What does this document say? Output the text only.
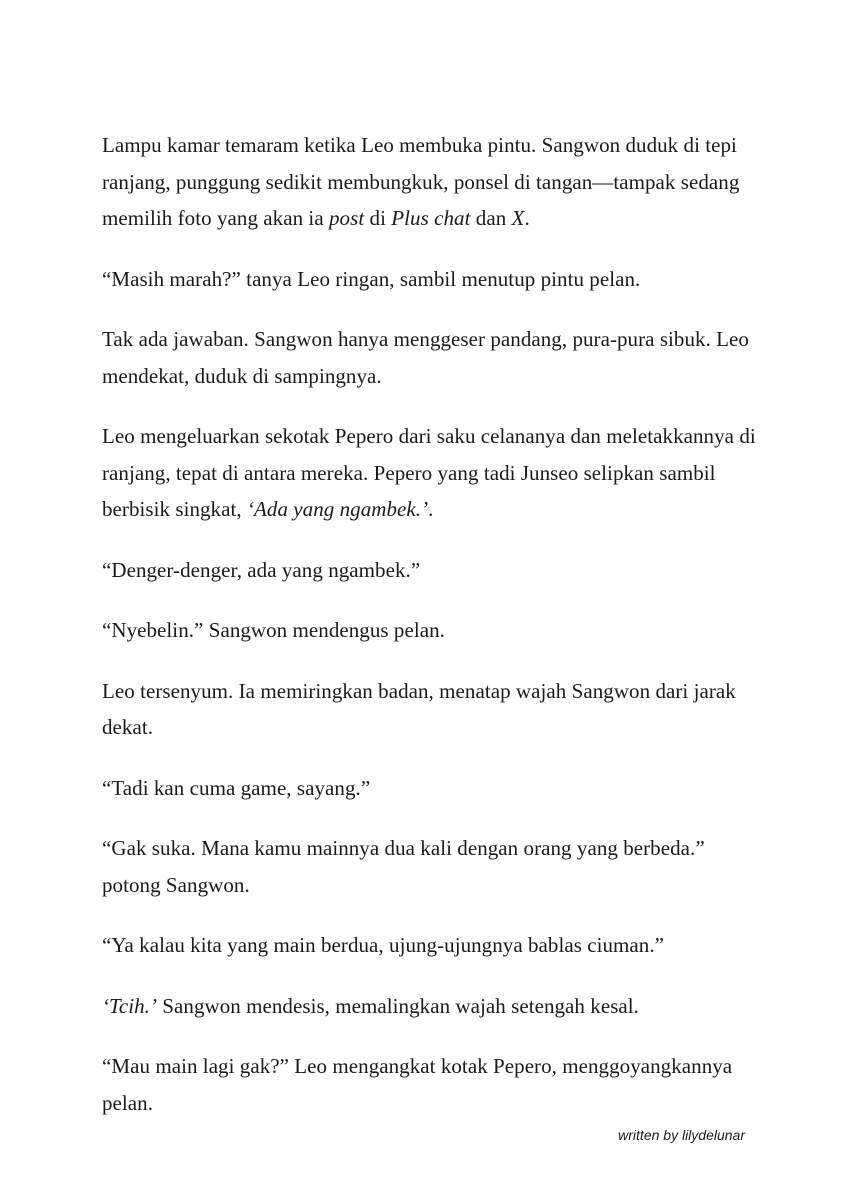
Lampu kamar temaram ketika Leo membuka pintu. Sangwon duduk di tepi ranjang, punggung sedikit membungkuk, ponsel di tangan—tampak sedang memilih foto yang akan ia post di Plus chat dan X.

“Masih marah?” tanya Leo ringan, sambil menutup pintu pelan.

Tak ada jawaban. Sangwon hanya menggeser pandang, pura-pura sibuk. Leo mendekat, duduk di sampingnya.

Leo mengeluarkan sekotak Pepero dari saku celananya dan meletakkannya di ranjang, tepat di antara mereka. Pepero yang tadi Junseo selipkan sambil berbisik singkat, ‘Ada yang ngambek.’.

“Denger-denger, ada yang ngambek.”

“Nyebelin.” Sangwon mendengus pelan.

Leo tersenyum. Ia memiringkan badan, menatap wajah Sangwon dari jarak dekat.

“Tadi kan cuma game, sayang.”

“Gak suka. Mana kamu mainnya dua kali dengan orang yang berbeda.” potong Sangwon.

“Ya kalau kita yang main berdua, ujung-ujungnya bablas ciuman.”

‘Tcih.’ Sangwon mendesis, memalingkan wajah setengah kesal.

“Mau main lagi gak?” Leo mengangkat kotak Pepero, menggoyangkannya pelan.

written by lilydelunar
